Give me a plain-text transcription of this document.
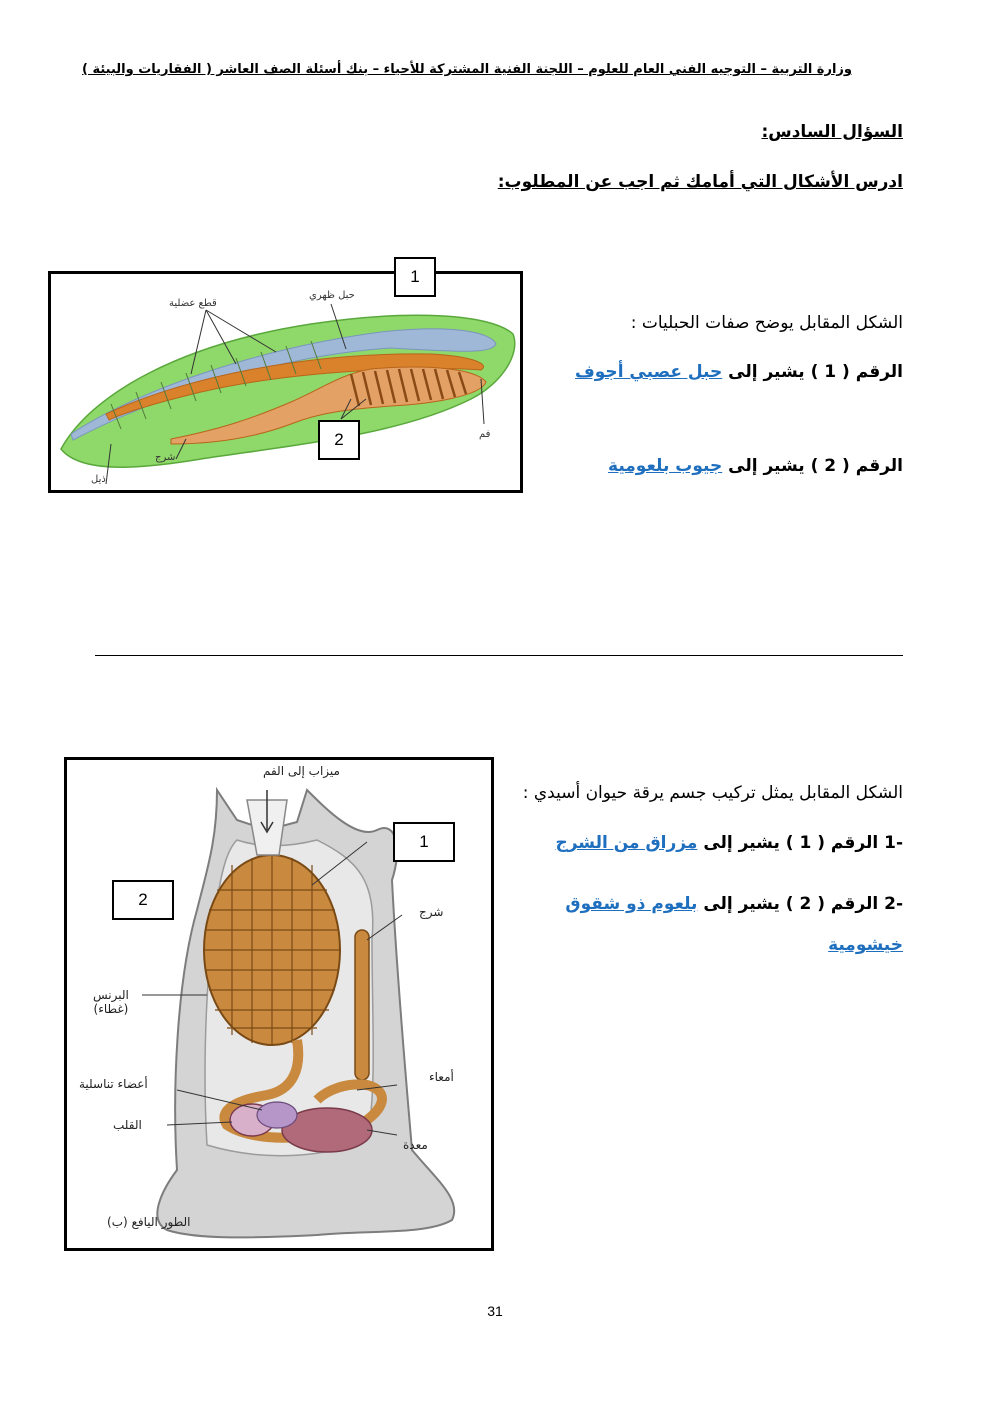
وزارة التربية – التوجيه الفني العام للعلوم – اللجنة الفنية المشتركة للأحياء – بنك أسئلة الصف العاشر ( الفقاريات والبيئة )
السؤال السادس:
ادرس الأشكال التي أمامك ثم اجب عن المطلوب:
قطع عضلية
حبل ظهري
فم
شرج
ذيل
1
2
الشكل المقابل يوضح صفات الحبليات :
الرقم ( 1 ) يشير إلى حبل عصبي أجوف
الرقم ( 2 ) يشير إلى جيوب بلعومية
ميزاب إلى الفم
شرج
البرنس
(غطاء)
أمعاء
أعضاء تناسلية
القلب
معدة
(ب) الطور اليافع
1
2
الشكل المقابل يمثل تركيب جسم يرقة حيوان أسيدي :
-1 الرقم ( 1 ) يشير إلى مزراق من الشرج
-2 الرقم ( 2 ) يشير إلى بلعوم ذو شقوق
خيشومية
31
